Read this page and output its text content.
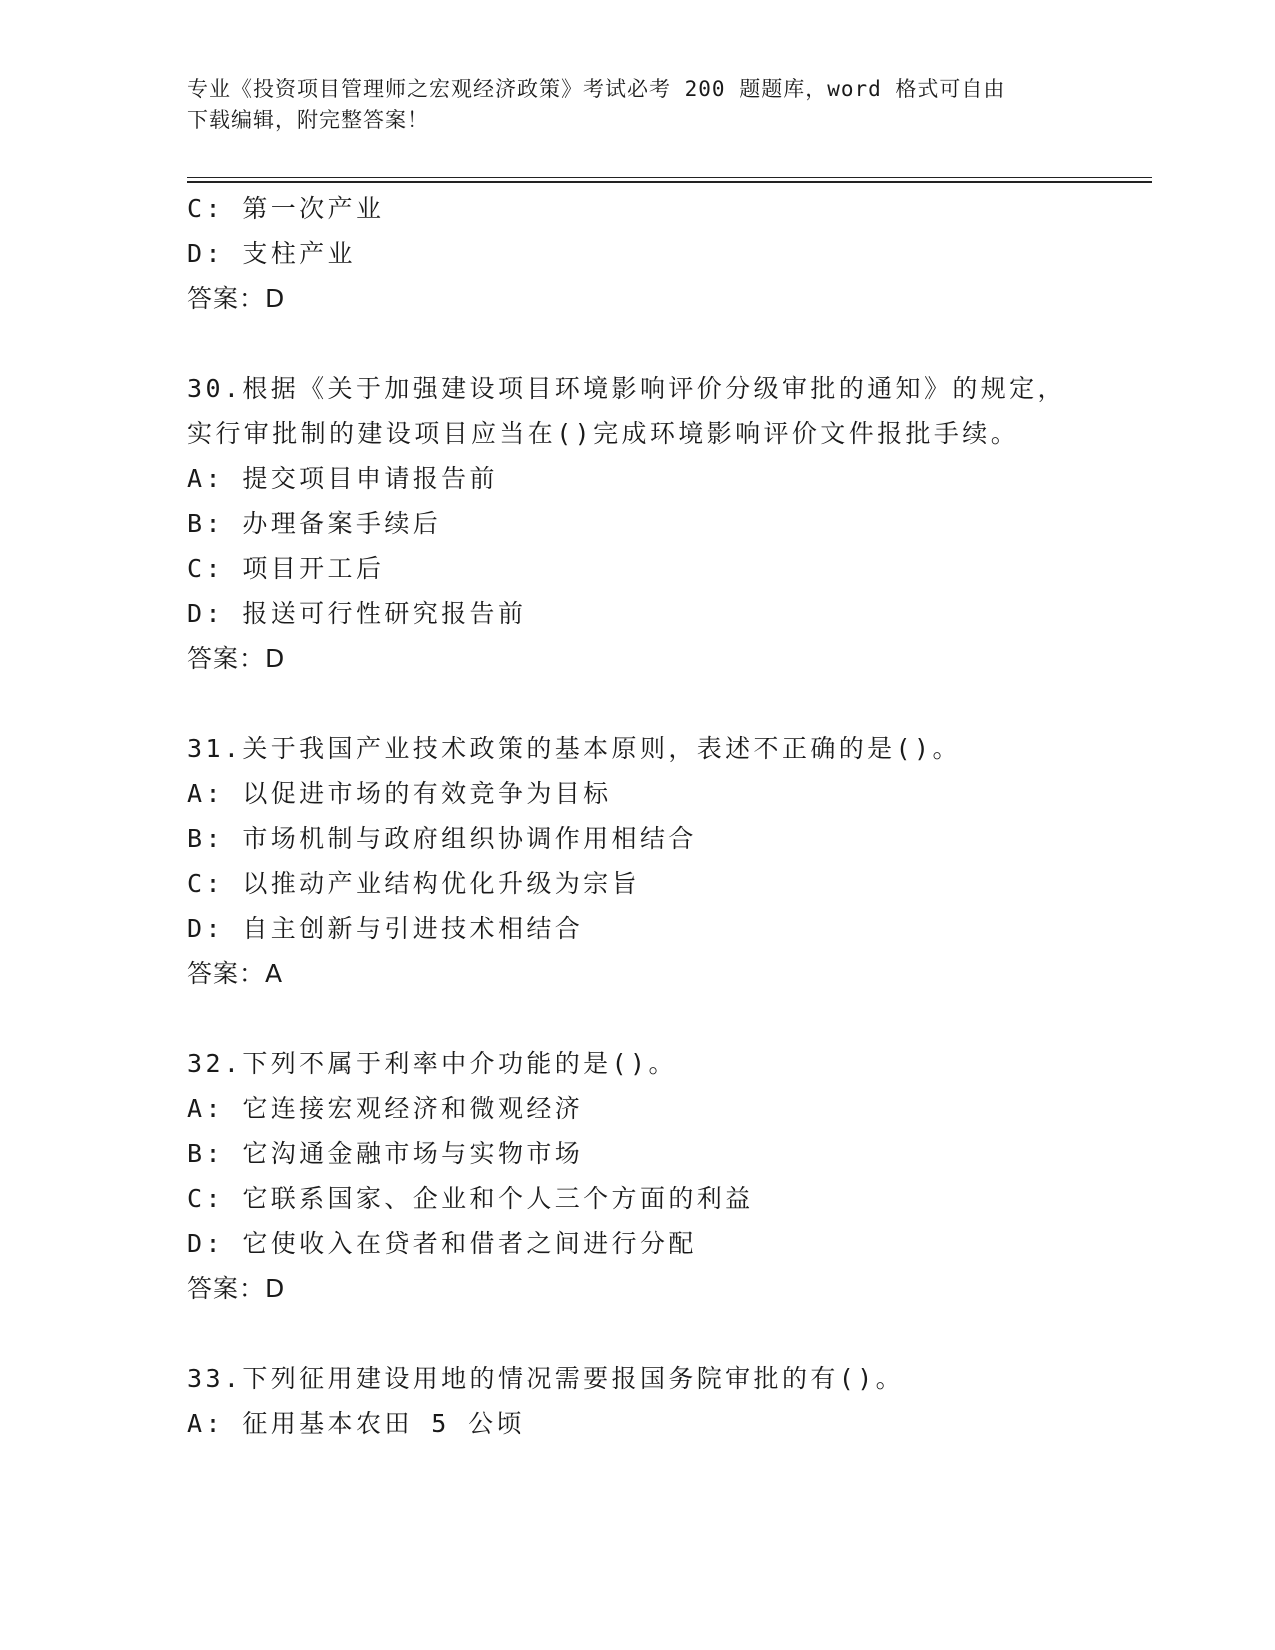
专业《投资项目管理师之宏观经济政策》考试必考 200 题题库，word 格式可自由
下载编辑，附完整答案！
C: 第一次产业
D: 支柱产业
答案：D
30.根据《关于加强建设项目环境影响评价分级审批的通知》的规定，
实行审批制的建设项目应当在()完成环境影响评价文件报批手续。
A: 提交项目申请报告前
B: 办理备案手续后
C: 项目开工后
D: 报送可行性研究报告前
答案：D
31.关于我国产业技术政策的基本原则，表述不正确的是()。
A: 以促进市场的有效竞争为目标
B: 市场机制与政府组织协调作用相结合
C: 以推动产业结构优化升级为宗旨
D: 自主创新与引进技术相结合
答案：A
32.下列不属于利率中介功能的是()。
A: 它连接宏观经济和微观经济
B: 它沟通金融市场与实物市场
C: 它联系国家、企业和个人三个方面的利益
D: 它使收入在贷者和借者之间进行分配
答案：D
33.下列征用建设用地的情况需要报国务院审批的有()。
A: 征用基本农田 5 公顷
